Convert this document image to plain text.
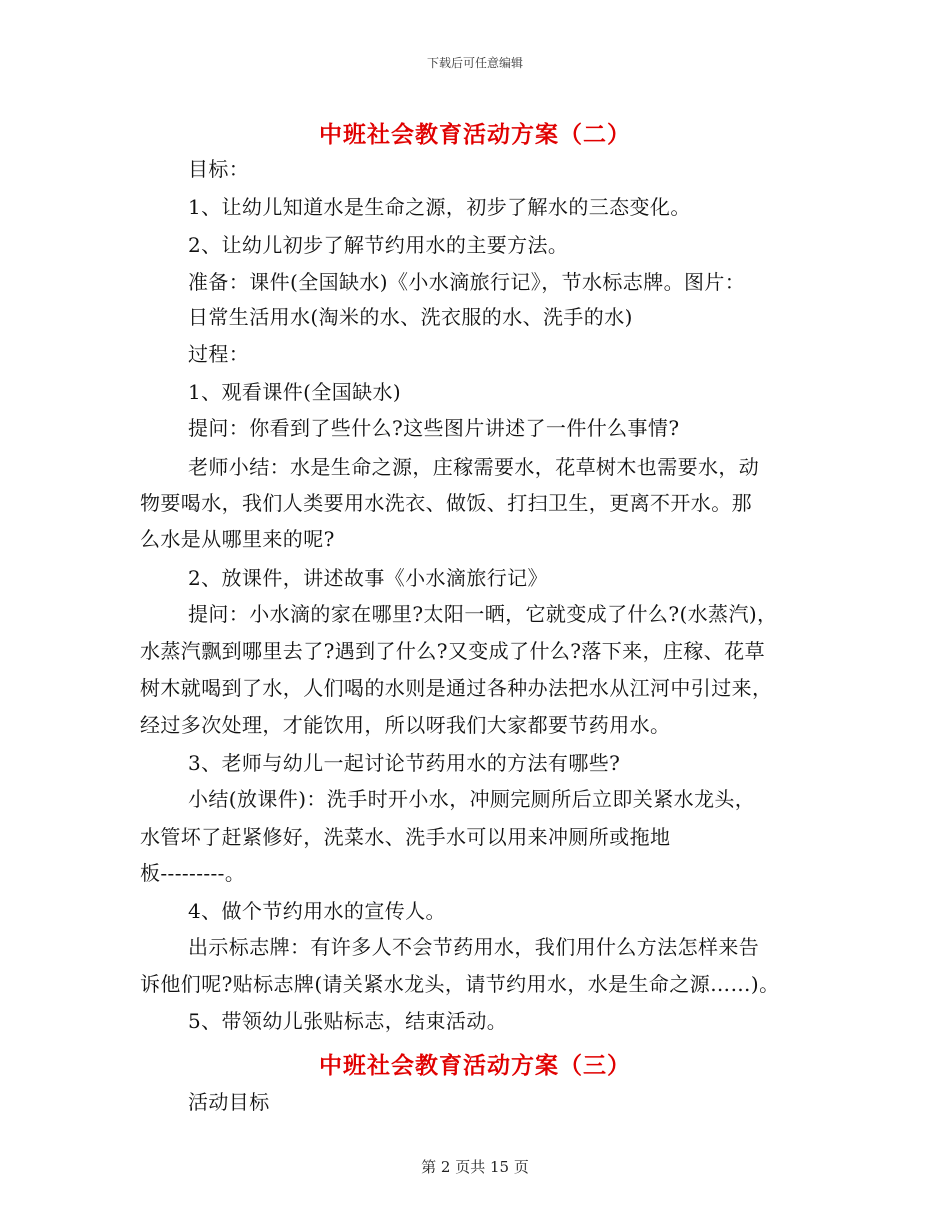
下载后可任意编辑
中班社会教育活动方案（二）
目标：
1、让幼儿知道水是生命之源，初步了解水的三态变化。
2、让幼儿初步了解节约用水的主要方法。
准备：课件(全国缺水)《小水滴旅行记》，节水标志牌。图片：
日常生活用水(淘米的水、洗衣服的水、洗手的水)
过程：
1、观看课件(全国缺水)
提问：你看到了些什么?这些图片讲述了一件什么事情?
老师小结：水是生命之源，庄稼需要水，花草树木也需要水，动
物要喝水，我们人类要用水洗衣、做饭、打扫卫生，更离不开水。那
么水是从哪里来的呢?
2、放课件，讲述故事《小水滴旅行记》
提问：小水滴的家在哪里?太阳一晒，它就变成了什么?(水蒸汽)，
水蒸汽飘到哪里去了?遇到了什么?又变成了什么?落下来，庄稼、花草
树木就喝到了水，人们喝的水则是通过各种办法把水从江河中引过来，
经过多次处理，才能饮用，所以呀我们大家都要节药用水。
3、老师与幼儿一起讨论节药用水的方法有哪些?
小结(放课件)：洗手时开小水，冲厕完厕所后立即关紧水龙头，
水管坏了赶紧修好，洗菜水、洗手水可以用来冲厕所或拖地
板---------。
4、做个节约用水的宣传人。
出示标志牌：有许多人不会节药用水，我们用什么方法怎样来告
诉他们呢?贴标志牌(请关紧水龙头，请节约用水，水是生命之源……)。
5、带领幼儿张贴标志，结束活动。
中班社会教育活动方案（三）
活动目标
第 2 页共 15 页
